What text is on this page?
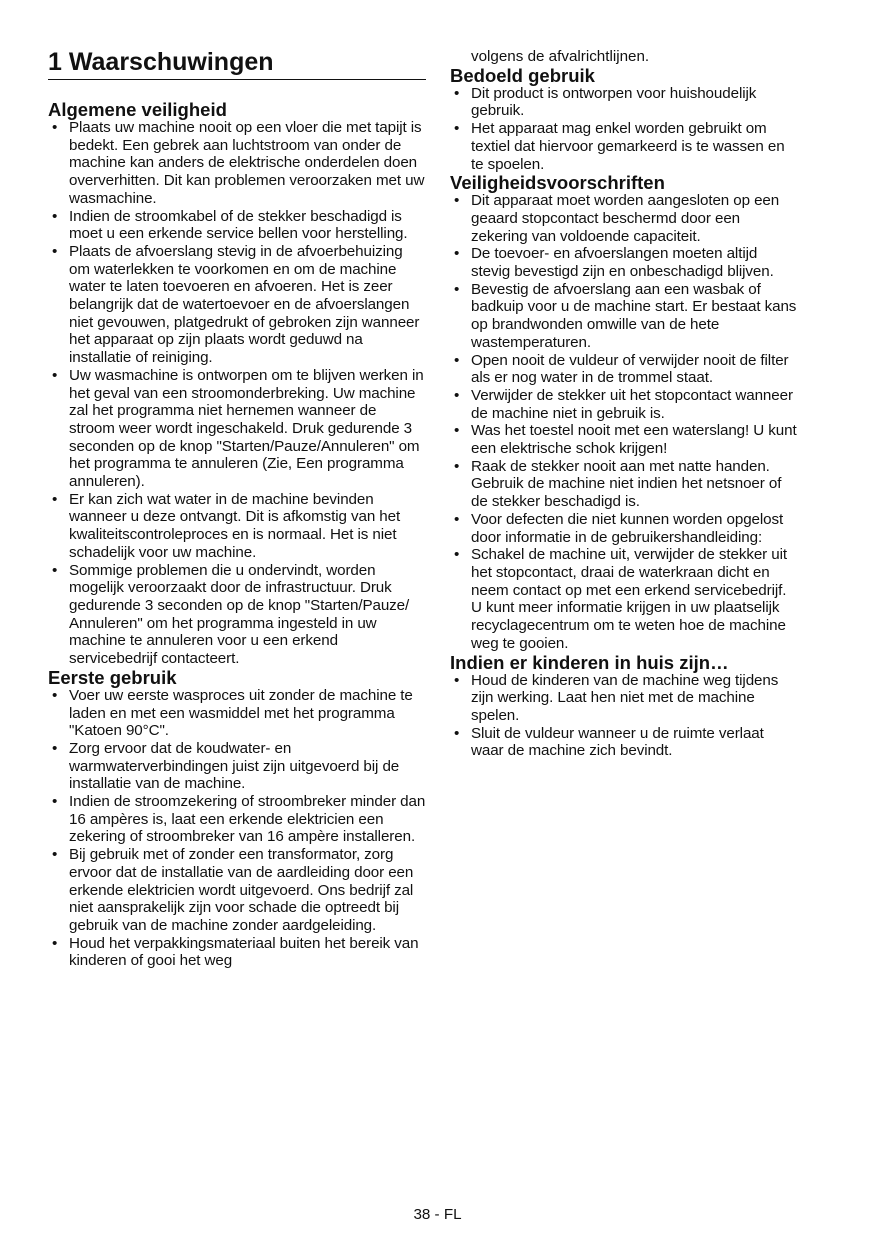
1 Waarschuwingen
Algemene veiligheid
• Plaats uw machine nooit op een vloer die met tapijt is bedekt. Een gebrek aan luchtstroom van onder de machine kan anders de elektrische onderdelen doen oververhitten. Dit kan problemen veroorzaken met uw wasmachine.
• Indien de stroomkabel of de stekker beschadigd is moet u een erkende service bellen voor herstelling.
• Plaats de afvoerslang stevig in de afvoerbehuizing om waterlekken te voorkomen en om de machine water te laten toevoeren en afvoeren. Het is zeer belangrijk dat de watertoevoer en de afvoerslangen niet gevouwen, platgedrukt of gebroken zijn wanneer het apparaat op zijn plaats wordt geduwd na installatie of reiniging.
• Uw wasmachine is ontworpen om te blijven werken in het geval van een stroomonderbreking. Uw machine zal het programma niet hernemen wanneer de stroom weer wordt ingeschakeld. Druk gedurende 3 seconden op de knop "Starten/Pauze/Annuleren" om het programma te annuleren (Zie, Een programma annuleren).
• Er kan zich wat water in de machine bevinden wanneer u deze ontvangt. Dit is afkomstig van het kwaliteitscontroleproces en is normaal. Het is niet schadelijk voor uw machine.
• Sommige problemen die u ondervindt, worden mogelijk veroorzaakt door de infrastructuur. Druk gedurende 3 seconden op de knop "Starten/Pauze/ Annuleren" om het programma ingesteld in uw machine te annuleren voor u een erkend servicebedrijf contacteert.
Eerste gebruik
• Voer uw eerste wasproces uit zonder de machine te laden en met een wasmiddel met het programma "Katoen 90°C".
• Zorg ervoor dat de koudwater- en warmwaterverbindingen juist zijn uitgevoerd bij de installatie van de machine.
• Indien de stroomzekering of stroombreker minder dan 16 ampères is, laat een erkende elektricien een zekering of stroombreker van 16 ampère installeren.
• Bij gebruik met of zonder een transformator, zorg ervoor dat de installatie van de aardleiding door een erkende elektricien wordt uitgevoerd. Ons bedrijf zal niet aansprakelijk zijn voor schade die optreedt bij gebruik van de machine zonder aardgeleiding.
• Houd het verpakkingsmateriaal buiten het bereik van kinderen of gooi het weg

volgens de afvalrichtlijnen.

Bedoeld gebruik
• Dit product is ontworpen voor huishoudelijk gebruik.
• Het apparaat mag enkel worden gebruikt om textiel dat hiervoor gemarkeerd is te wassen en te spoelen.
Veiligheidsvoorschriften
• Dit apparaat moet worden aangesloten op een geaard stopcontact beschermd door een zekering van voldoende capaciteit.
• De toevoer- en afvoerslangen moeten altijd stevig bevestigd zijn en onbeschadigd blijven.
• Bevestig de afvoerslang aan een wasbak of badkuip voor u de machine start. Er bestaat kans op brandwonden omwille van de hete wastemperaturen.
• Open nooit de vuldeur of verwijder nooit de filter als er nog water in de trommel staat.
• Verwijder de stekker uit het stopcontact wanneer de machine niet in gebruik is.
• Was het toestel nooit met een waterslang! U kunt een elektrische schok krijgen!
• Raak de stekker nooit aan met natte handen. Gebruik de machine niet indien het netsnoer of de stekker beschadigd is.
• Voor defecten die niet kunnen worden opgelost door informatie in de gebruikershandleiding:
• Schakel de machine uit, verwijder de stekker uit het stopcontact, draai de waterkraan dicht en neem contact op met een erkend servicebedrijf. U kunt meer informatie krijgen in uw plaatselijk recyclagecentrum om te weten hoe de machine weg te gooien.
Indien er kinderen in huis zijn…
• Houd de kinderen van de machine weg tijdens zijn werking. Laat hen niet met de machine spelen.
• Sluit de vuldeur wanneer u de ruimte verlaat waar de machine zich bevindt.
38 - FL
